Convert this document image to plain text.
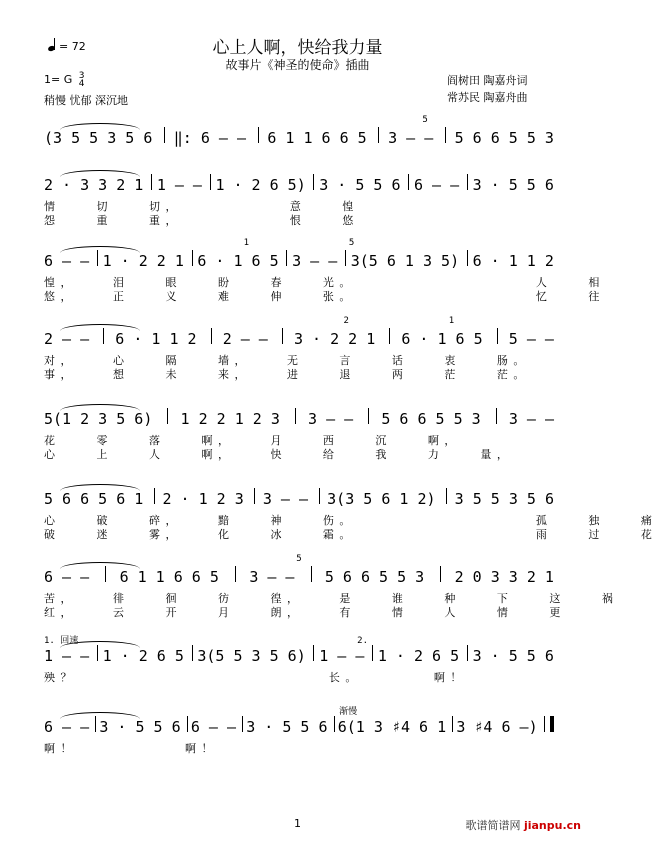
心上人啊，快给我力量
故事片《神圣的使命》插曲
= 72
1= G 3
4
稍慢 忧郁 深沉地
阎树田 陶嘉舟词
常苏民 陶嘉舟曲
5
(3 5 5 3 5 6 ‖: 6 – – 6 1 1 6 6 5 3 – – 5 6 6 5 5 3
2 · 3 3 2 1 1 – – 1 · 2 6 5) 3 · 5 5 6 6 – – 3 · 5 5 6
情    切    切，            意    惶
怨    重    重，            恨    悠
1	5
6 – – 1 · 2 2 1 6 · 1 6 5 3 – – 3(5 6 1 3 5) 6 · 1 1 2
惶，    泪    眼    盼    春    光。                    人    相
悠，    正    义    难    伸    张。                    忆    往
2	1
2 – – 6 · 1 1 2 2 – – 3 · 2 2 1 6 · 1 6 5 5 – –
对，    心    隔    墙，    无    言    话    衷    肠。
事，    想    未    来，    进    退    两    茫    茫。
5(1 2 3 5 6) 1 2 2 1 2 3 3 – – 5 6 6 5 5 3 3 – –
花    零    落    啊，    月    西    沉    啊，
心    上    人    啊，    快    给    我    力    量，
5 6 6 5 6 1 2 · 1 2 3 3 – – 3(3 5 6 1 2) 3 5 5 3 5 6
心    破    碎，    黯    神    伤。                    孤    独    痛
破    迷    雾，    化    冰    霜。                    雨    过    花
5
6 – – 6 1 1 6 6 5 3 – – 5 6 6 5 5 3 2 0 3 3 2 1
苦，    徘    徊    彷    徨，    是    谁    种    下    这    祸
红，    云    开    月    朗，    有    情    人    情    更
1. 回速	2.
1 – – 1 · 2 6 5 3(5 5 3 5 6) 1 – – 1 · 2 6 5 3 · 5 5 6
殃？                            长。        啊！
渐慢
6 – – 3 · 5 5 6 6 – – 3 · 5 5 6 6(1 3 ♯4 6 1 3 ♯4 6 –)
啊！            啊！
1	歌谱简谱网 jianpu.cn
